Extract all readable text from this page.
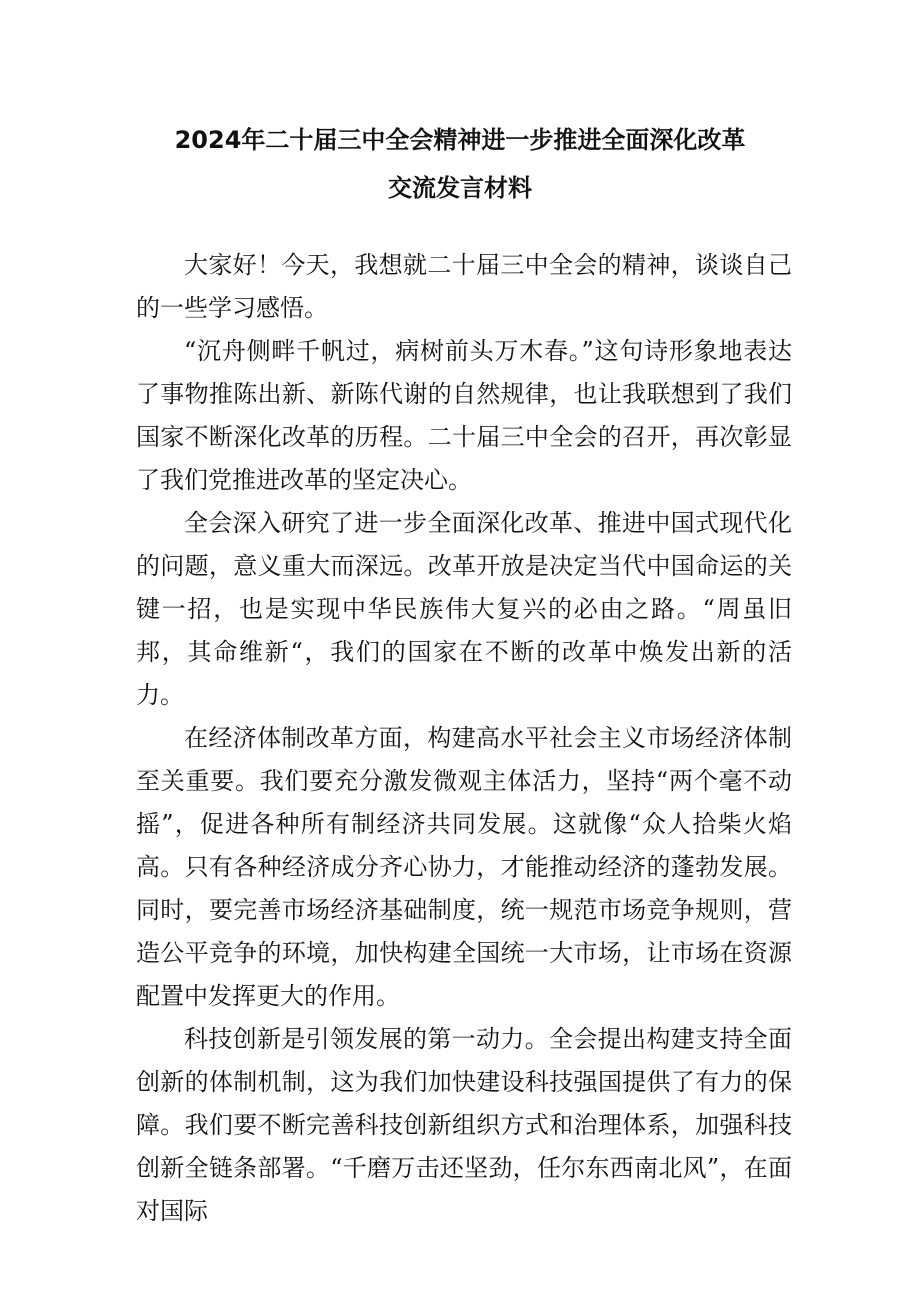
2024年二十届三中全会精神进一步推进全面深化改革
交流发言材料

大家好！今天，我想就二十届三中全会的精神，谈谈自己的一些学习感悟。

“沉舟侧畔千帆过，病树前头万木春。”这句诗形象地表达了事物推陈出新、新陈代谢的自然规律，也让我联想到了我们国家不断深化改革的历程。二十届三中全会的召开，再次彰显了我们党推进改革的坚定决心。

全会深入研究了进一步全面深化改革、推进中国式现代化的问题，意义重大而深远。改革开放是决定当代中国命运的关键一招，也是实现中华民族伟大复兴的必由之路。“周虽旧邦，其命维新“，我们的国家在不断的改革中焕发出新的活力。

在经济体制改革方面，构建高水平社会主义市场经济体制至关重要。我们要充分激发微观主体活力，坚持“两个毫不动摇”，促进各种所有制经济共同发展。这就像“众人拾柴火焰高。只有各种经济成分齐心协力，才能推动经济的蓬勃发展。同时，要完善市场经济基础制度，统一规范市场竞争规则，营造公平竞争的环境，加快构建全国统一大市场，让市场在资源配置中发挥更大的作用。

科技创新是引领发展的第一动力。全会提出构建支持全面创新的体制机制，这为我们加快建设科技强国提供了有力的保障。我们要不断完善科技创新组织方式和治理体系，加强科技创新全链条部署。“千磨万击还坚劲，任尔东西南北风”，在面对国际
